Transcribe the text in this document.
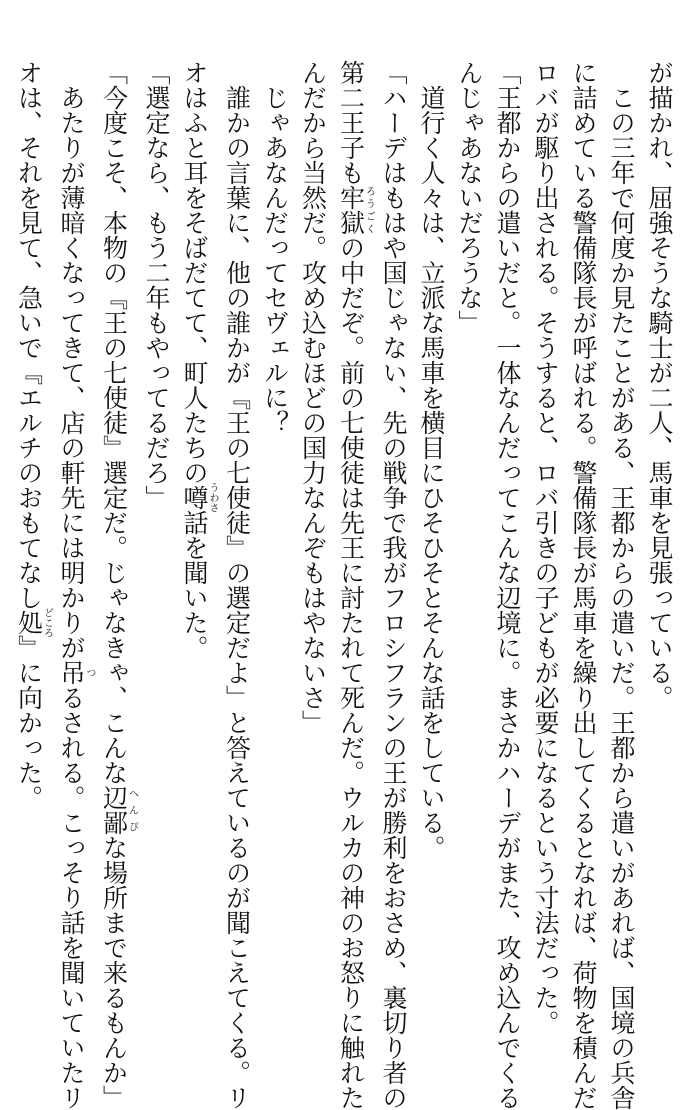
が描かれ、屈強そうな騎士が二人、馬車を見張っている。
　この三年で何度か見たことがある、王都からの遣いだ。王都から遣いがあれば、国境の兵舎
に詰めている警備隊長が呼ばれる。警備隊長が馬車を繰り出してくるとなれば、荷物を積んだ
ロバが駆り出される。そうすると、ロバ引きの子どもが必要になるという寸法だった。
「王都からの遣いだと。一体なんだってこんな辺境に。まさかハーデがまた、攻め込んでくる
んじゃあないだろうな」
　道行く人々は、立派な馬車を横目にひそひそとそんな話をしている。
「ハーデはもはや国じゃない、先の戦争で我がフロシフランの王が勝利をおさめ、裏切り者の
第二王子も牢獄ろうごくの中だぞ。前の七使徒は先王に討たれて死んだ。ウルカの神のお怒りに触れた
んだから当然だ。攻め込むほどの国力なんぞもはやないさ」
　じゃあなんだってセヴェルに？
　誰かの言葉に、他の誰かが『王の七使徒』の選定だよ」と答えているのが聞こえてくる。リ
オはふと耳をそばだてて、町人たちの噂うわさ話を聞いた。
「選定なら、もう二年もやってるだろ」
「今度こそ、本物の『王の七使徒』選定だ。じゃなきゃ、こんな辺鄙へんぴな場所まで来るもんか」
　あたりが薄暗くなってきて、店の軒先には明かりが吊つるされる。こっそり話を聞いていたリ
オは、それを見て、急いで『エルチのおもてなし処どころ』に向かった。
